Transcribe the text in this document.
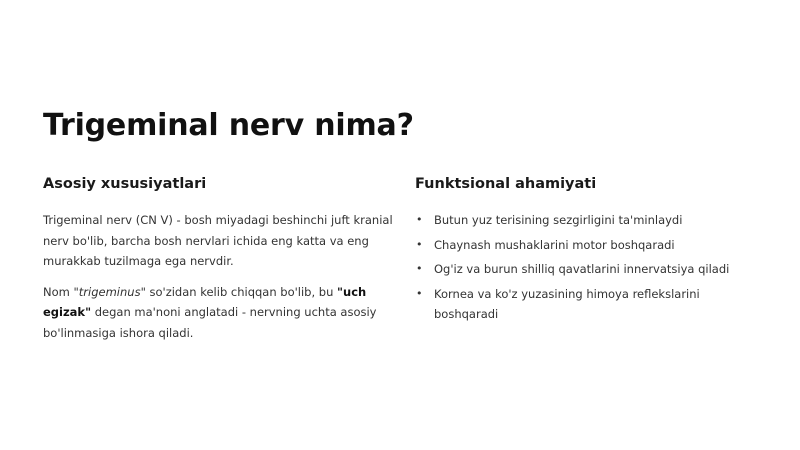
Trigeminal nerv nima?
Asosiy xususiyatlari

Trigeminal nerv (CN V) - bosh miyadagi beshinchi juft kranial nerv bo'lib, barcha bosh nervlari ichida eng katta va eng murakkab tuzilmaga ega nervdir.

Nom "trigeminus" so'zidan kelib chiqqan bo'lib, bu "uch egizak" degan ma'noni anglatadi - nervning uchta asosiy bo'linmasiga ishora qiladi.

Funktsional ahamiyati
• Butun yuz terisining sezgirligini ta'minlaydi
• Chaynash mushaklarini motor boshqaradi
• Og'iz va burun shilliq qavatlarini innervatsiya qiladi
• Kornea va ko'z yuzasining himoya reflekslarini boshqaradi
